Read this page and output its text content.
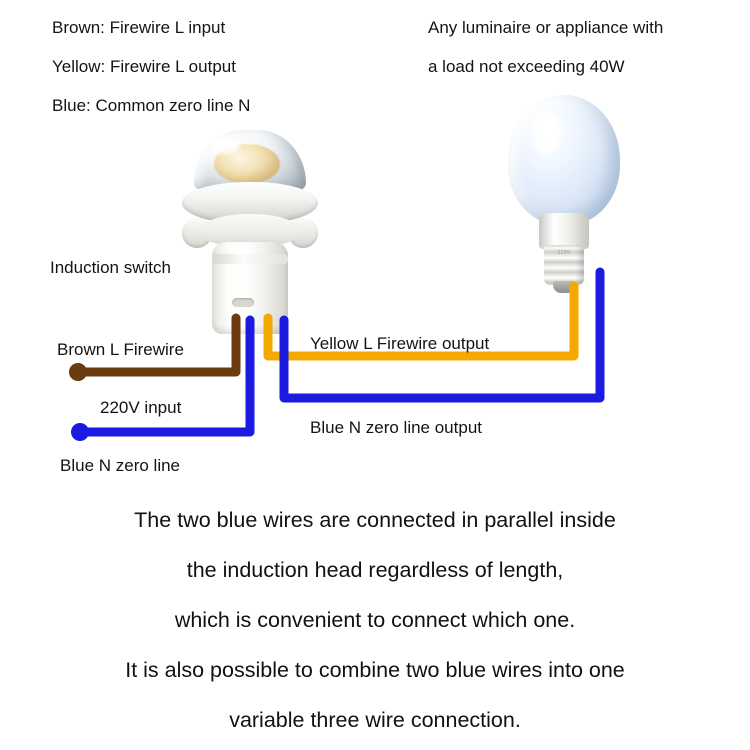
Brown: Firewire L input
Yellow: Firewire L output
Blue: Common zero line N
Any luminaire or appliance with
a load not exceeding 40W
220V
Induction switch
Brown L Firewire	Yellow L Firewire output
220V input
Blue N zero line output
Blue N zero line
The two blue wires are connected in parallel inside
the induction head regardless of length,
which is convenient to connect which one.
It is also possible to combine two blue wires into one
variable three wire connection.
